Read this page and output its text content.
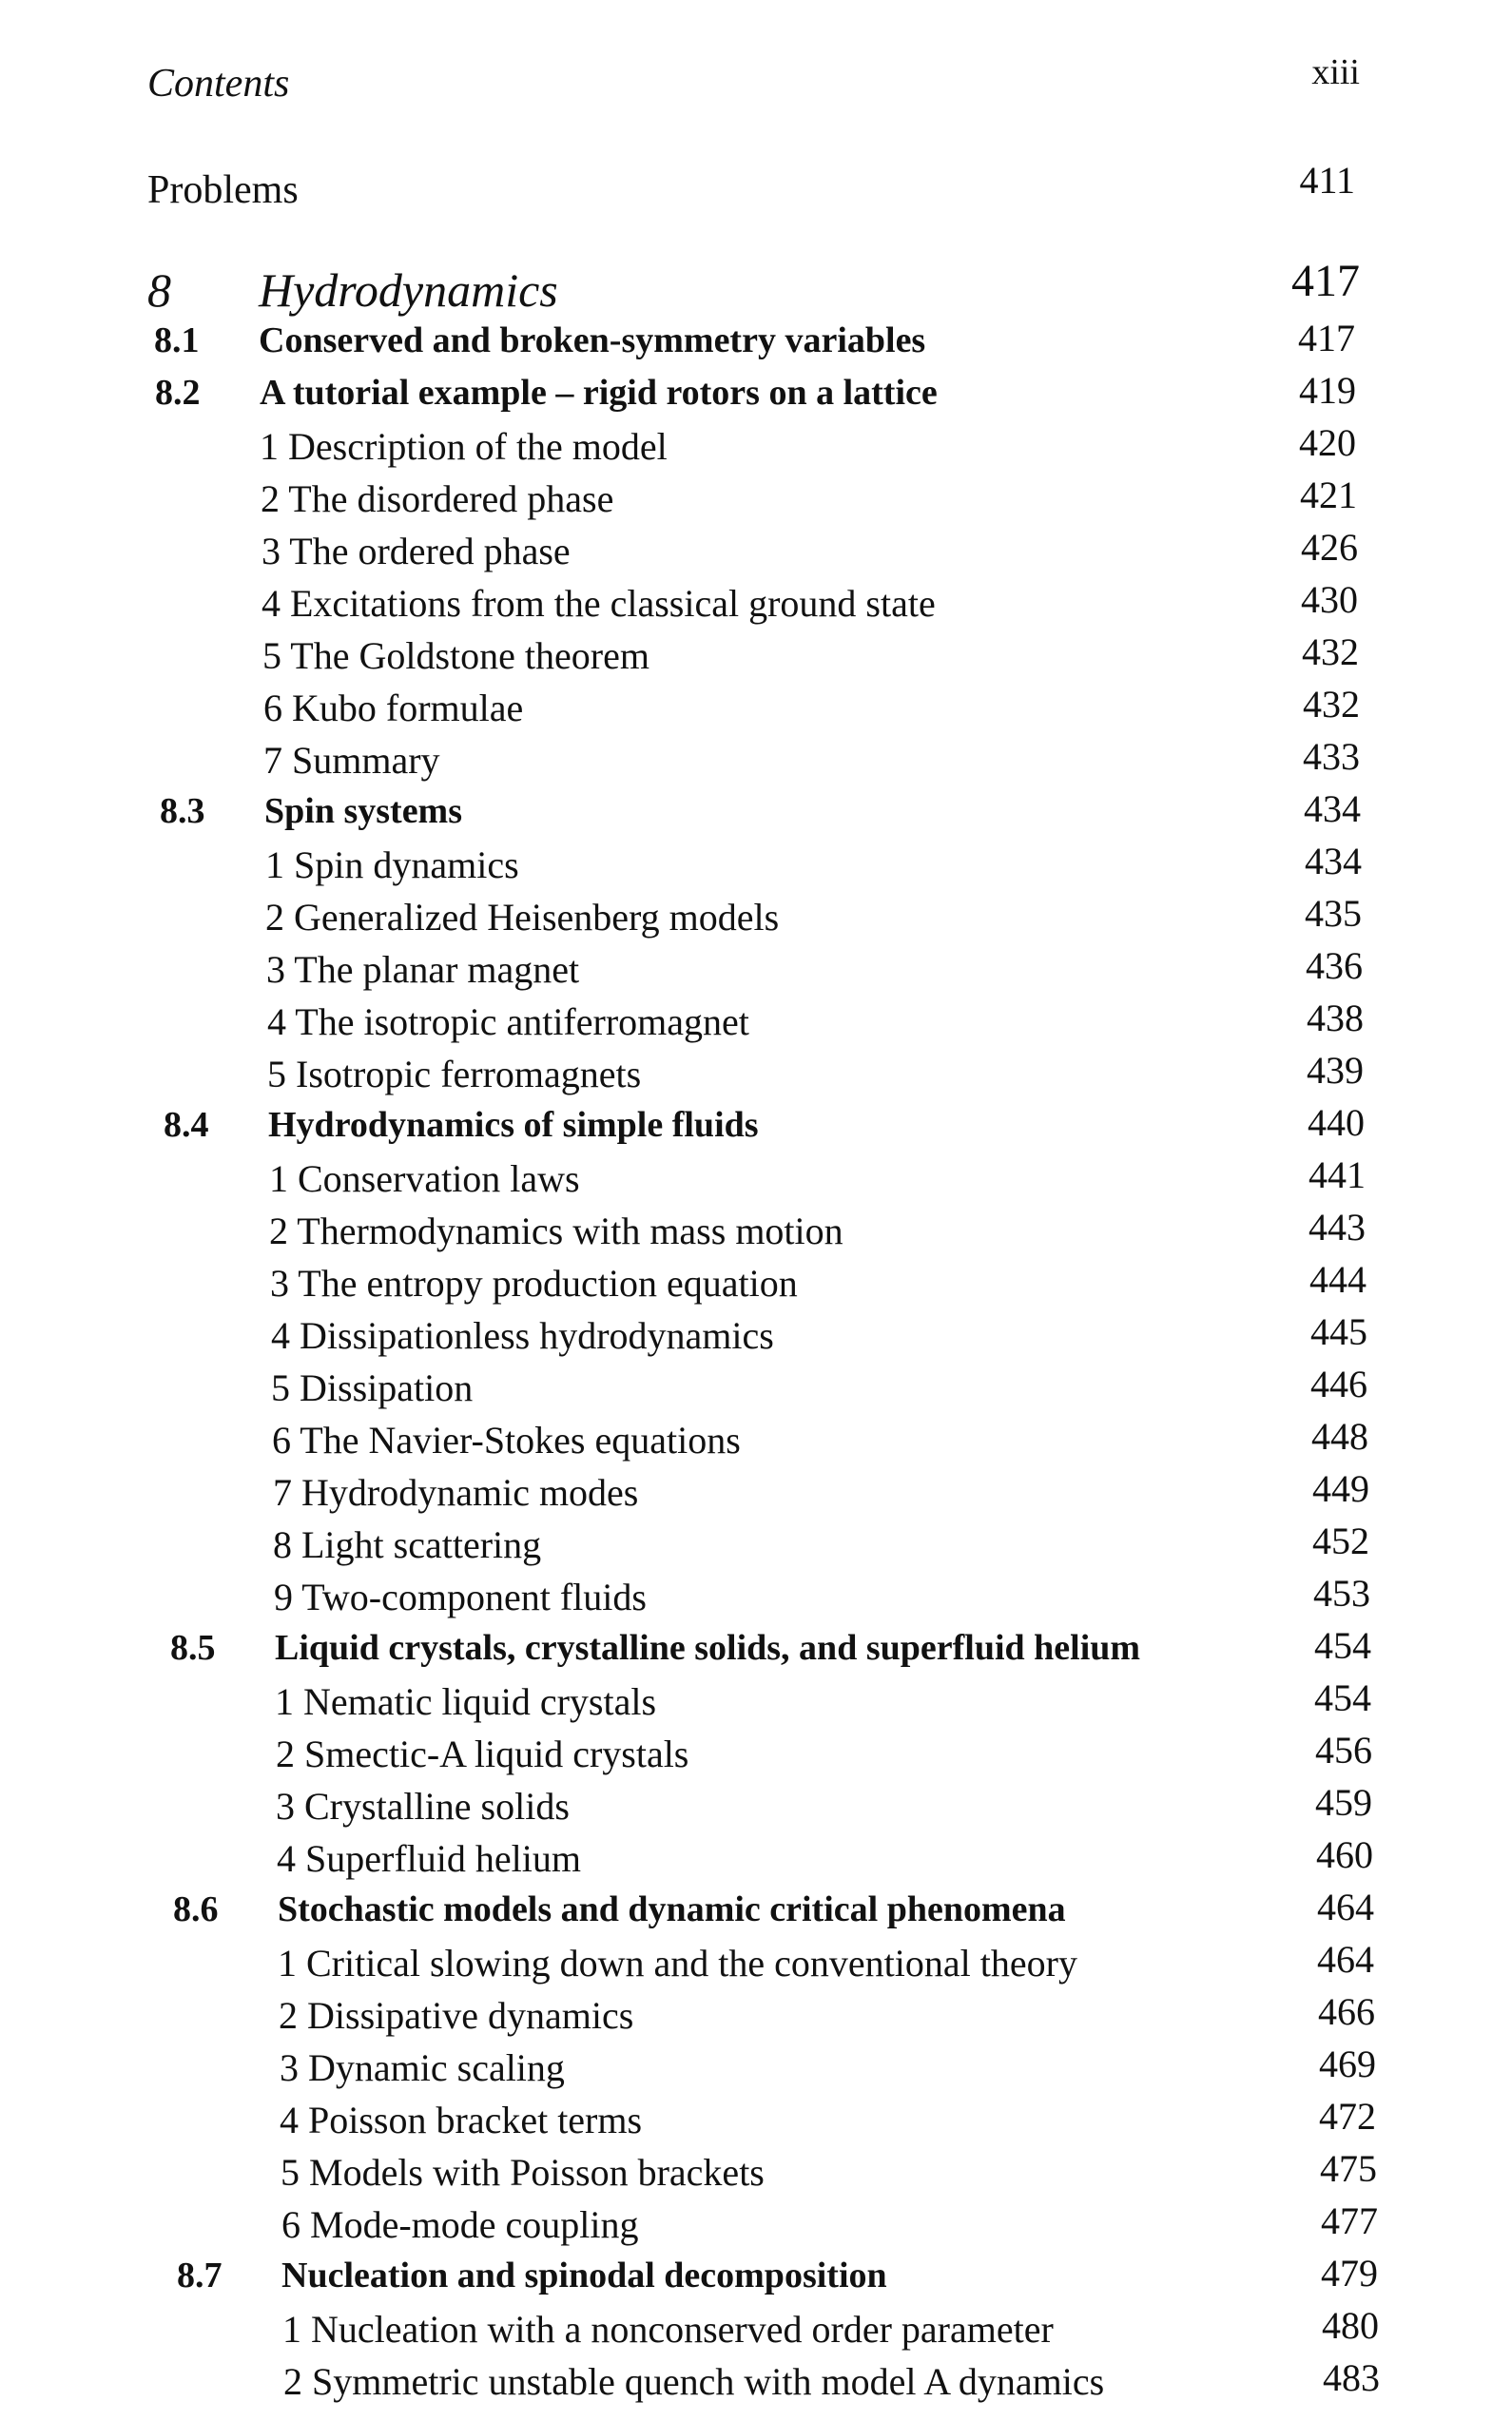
Contents	xiii
Problems	411
8 Hydrodynamics	417
8.1 Conserved and broken-symmetry variables	417
8.2 A tutorial example – rigid rotors on a lattice	419
1 Description of the model	420
2 The disordered phase	421
3 The ordered phase	426
4 Excitations from the classical ground state	430
5 The Goldstone theorem	432
6 Kubo formulae	432
7 Summary	433
8.3 Spin systems	434
1 Spin dynamics	434
2 Generalized Heisenberg models	435
3 The planar magnet	436
4 The isotropic antiferromagnet	438
5 Isotropic ferromagnets	439
8.4 Hydrodynamics of simple fluids	440
1 Conservation laws	441
2 Thermodynamics with mass motion	443
3 The entropy production equation	444
4 Dissipationless hydrodynamics	445
5 Dissipation	446
6 The Navier-Stokes equations	448
7 Hydrodynamic modes	449
8 Light scattering	452
9 Two-component fluids	453
8.5 Liquid crystals, crystalline solids, and superfluid helium	454
1 Nematic liquid crystals	454
2 Smectic-A liquid crystals	456
3 Crystalline solids	459
4 Superfluid helium	460
8.6 Stochastic models and dynamic critical phenomena	464
1 Critical slowing down and the conventional theory	464
2 Dissipative dynamics	466
3 Dynamic scaling	469
4 Poisson bracket terms	472
5 Models with Poisson brackets	475
6 Mode-mode coupling	477
8.7 Nucleation and spinodal decomposition	479
1 Nucleation with a nonconserved order parameter	480
2 Symmetric unstable quench with model A dynamics	483
